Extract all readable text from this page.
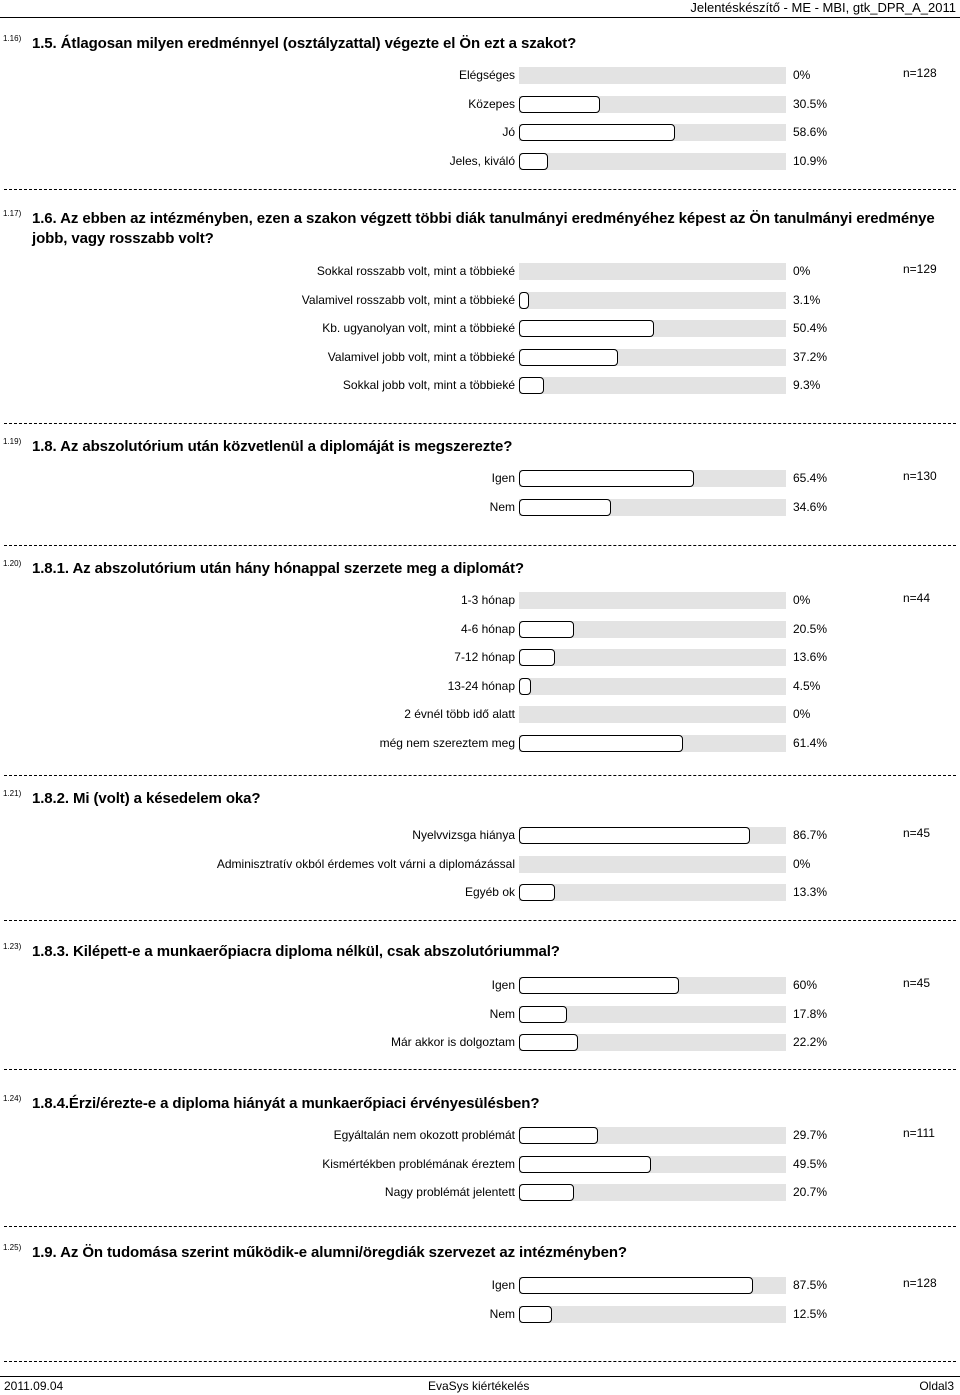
Jelentéskészítő - ME - MBI, gtk_DPR_A_2011
1.16) 1.5. Átlagosan milyen eredménnyel (osztályzattal) végezte el Ön ezt a szakot?
n=128
Elégséges	0%
Közepes	30.5%
Jó	58.6%
Jeles, kiváló	10.9%
1.17) 1.6. Az ebben az intézményben, ezen a szakon végzett többi diák tanulmányi eredményéhez képest az Ön tanulmányi eredménye jobb, vagy rosszabb volt?
n=129
Sokkal rosszabb volt, mint a többieké	0%
Valamivel rosszabb volt, mint a többieké	3.1%
Kb. ugyanolyan volt, mint a többieké	50.4%
Valamivel jobb volt, mint a többieké	37.2%
Sokkal jobb volt, mint a többieké	9.3%
1.19) 1.8. Az abszolutórium után közvetlenül a diplomáját is megszerezte?
n=130
Igen	65.4%
Nem	34.6%
1.20) 1.8.1. Az abszolutórium után hány hónappal szerzete meg a diplomát?
n=44
1-3 hónap	0%
4-6 hónap	20.5%
7-12 hónap	13.6%
13-24 hónap	4.5%
2 évnél több idő alatt	0%
még nem szereztem meg	61.4%
1.21) 1.8.2. Mi (volt) a késedelem oka?
n=45
Nyelvvizsga hiánya	86.7%
Adminisztratív okból érdemes volt várni a diplomázással	0%
Egyéb ok	13.3%
1.23) 1.8.3. Kilépett-e a munkaerőpiacra diploma nélkül, csak abszolutóriummal?
n=45
Igen	60%
Nem	17.8%
Már akkor is dolgoztam	22.2%
1.24) 1.8.4.Érzi/érezte-e a diploma hiányát a munkaerőpiaci érvényesülésben?
n=111
Egyáltalán nem okozott problémát	29.7%
Kismértékben problémának éreztem	49.5%
Nagy problémát jelentett	20.7%
1.25) 1.9. Az Ön tudomása szerint működik-e alumni/öregdiák szervezet az intézményben?
n=128
Igen	87.5%
Nem	12.5%
2011.09.04	EvaSys kiértékelés	Oldal3
